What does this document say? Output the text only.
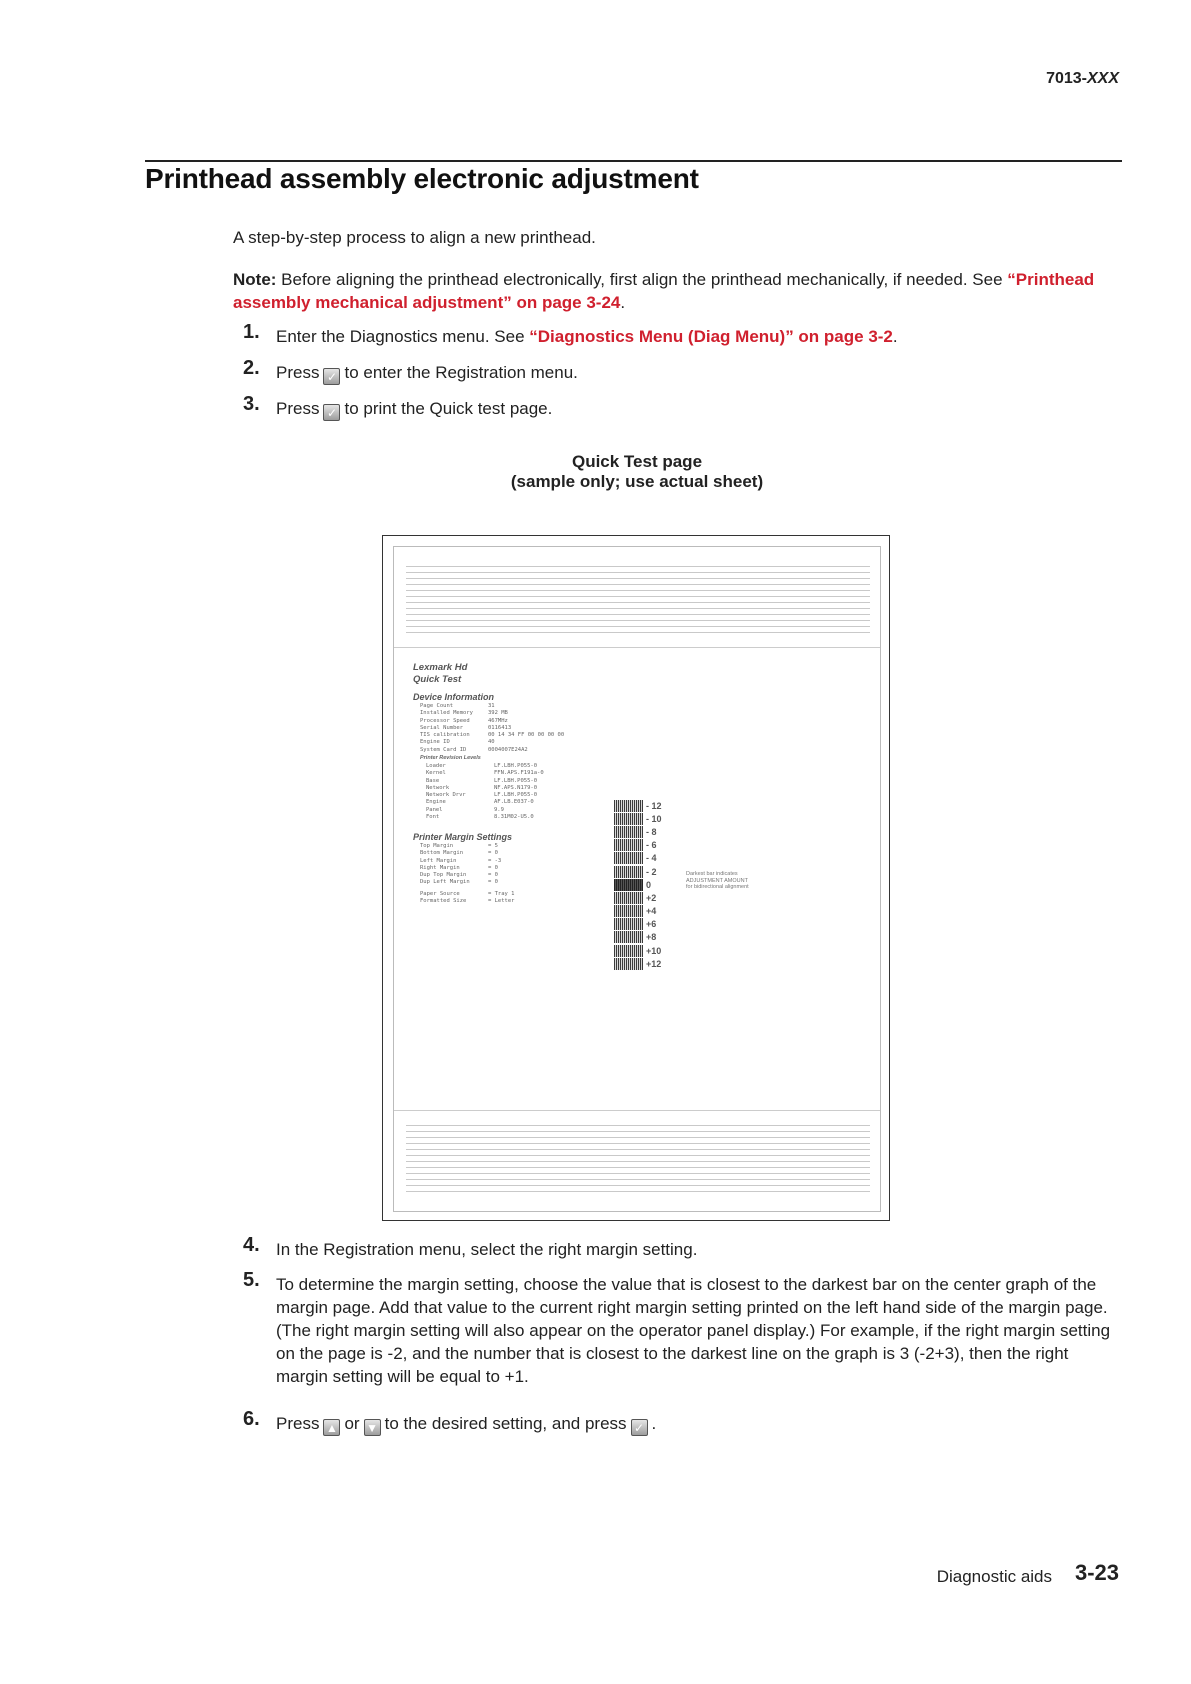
7013-XXX
Printhead assembly electronic adjustment
A step-by-step process to align a new printhead.
Note: Before aligning the printhead electronically, first align the printhead mechanically, if needed. See “Printhead assembly mechanical adjustment” on page 3-24.
1. Enter the Diagnostics menu. See “Diagnostics Menu (Diag Menu)” on page 3-2.
2. Press ✓ to enter the Registration menu.
3. Press ✓ to print the Quick test page.
Quick Test page
(sample only; use actual sheet)
Lexmark Hd
Quick Test
Device Information
Page Count	31
Installed Memory	392 MB
Processor Speed	467MHz
Serial Number	0116413
TIS calibration	00 14 34 FF 00 00 00 00
Engine ID	40
System Card ID	0004007E24A2
Printer Revision Levels
Loader	LF.LBH.P055-0
Kernel	FFN.APS.F191a-0
Base	LF.LBH.P055-0
Network	NF.APS.N179-0
Network Drvr	LF.LBH.P055-0
Engine	AF.LB.E037-0
Panel	9.9
Font	8.31M02-U5.0
Printer Margin Settings
Top Margin	= 5
Bottom Margin	= 0
Left Margin	= -3
Right Margin	= 0
Dup Top Margin	= 0
Dup Left Margin	= 0
Paper Source	= Tray 1
Formatted Size	= Letter
- 12
- 10
- 8
- 6
- 4
- 2
0
+2
+4
+6
+8
+10
+12
Darkest bar indicates
ADJUSTMENT AMOUNT
for bidirectional alignment
4. In the Registration menu, select the right margin setting.
5. To determine the margin setting, choose the value that is closest to the darkest bar on the center graph of the margin page. Add that value to the current right margin setting printed on the left hand side of the margin page. (The right margin setting will also appear on the operator panel display.) For example, if the right margin setting on the page is -2, and the number that is closest to the darkest line on the graph is 3 (-2+3), then the right margin setting will be equal to +1.
6. Press ▲ or ▼ to the desired setting, and press ✓ .
Diagnostic aids 3-23
